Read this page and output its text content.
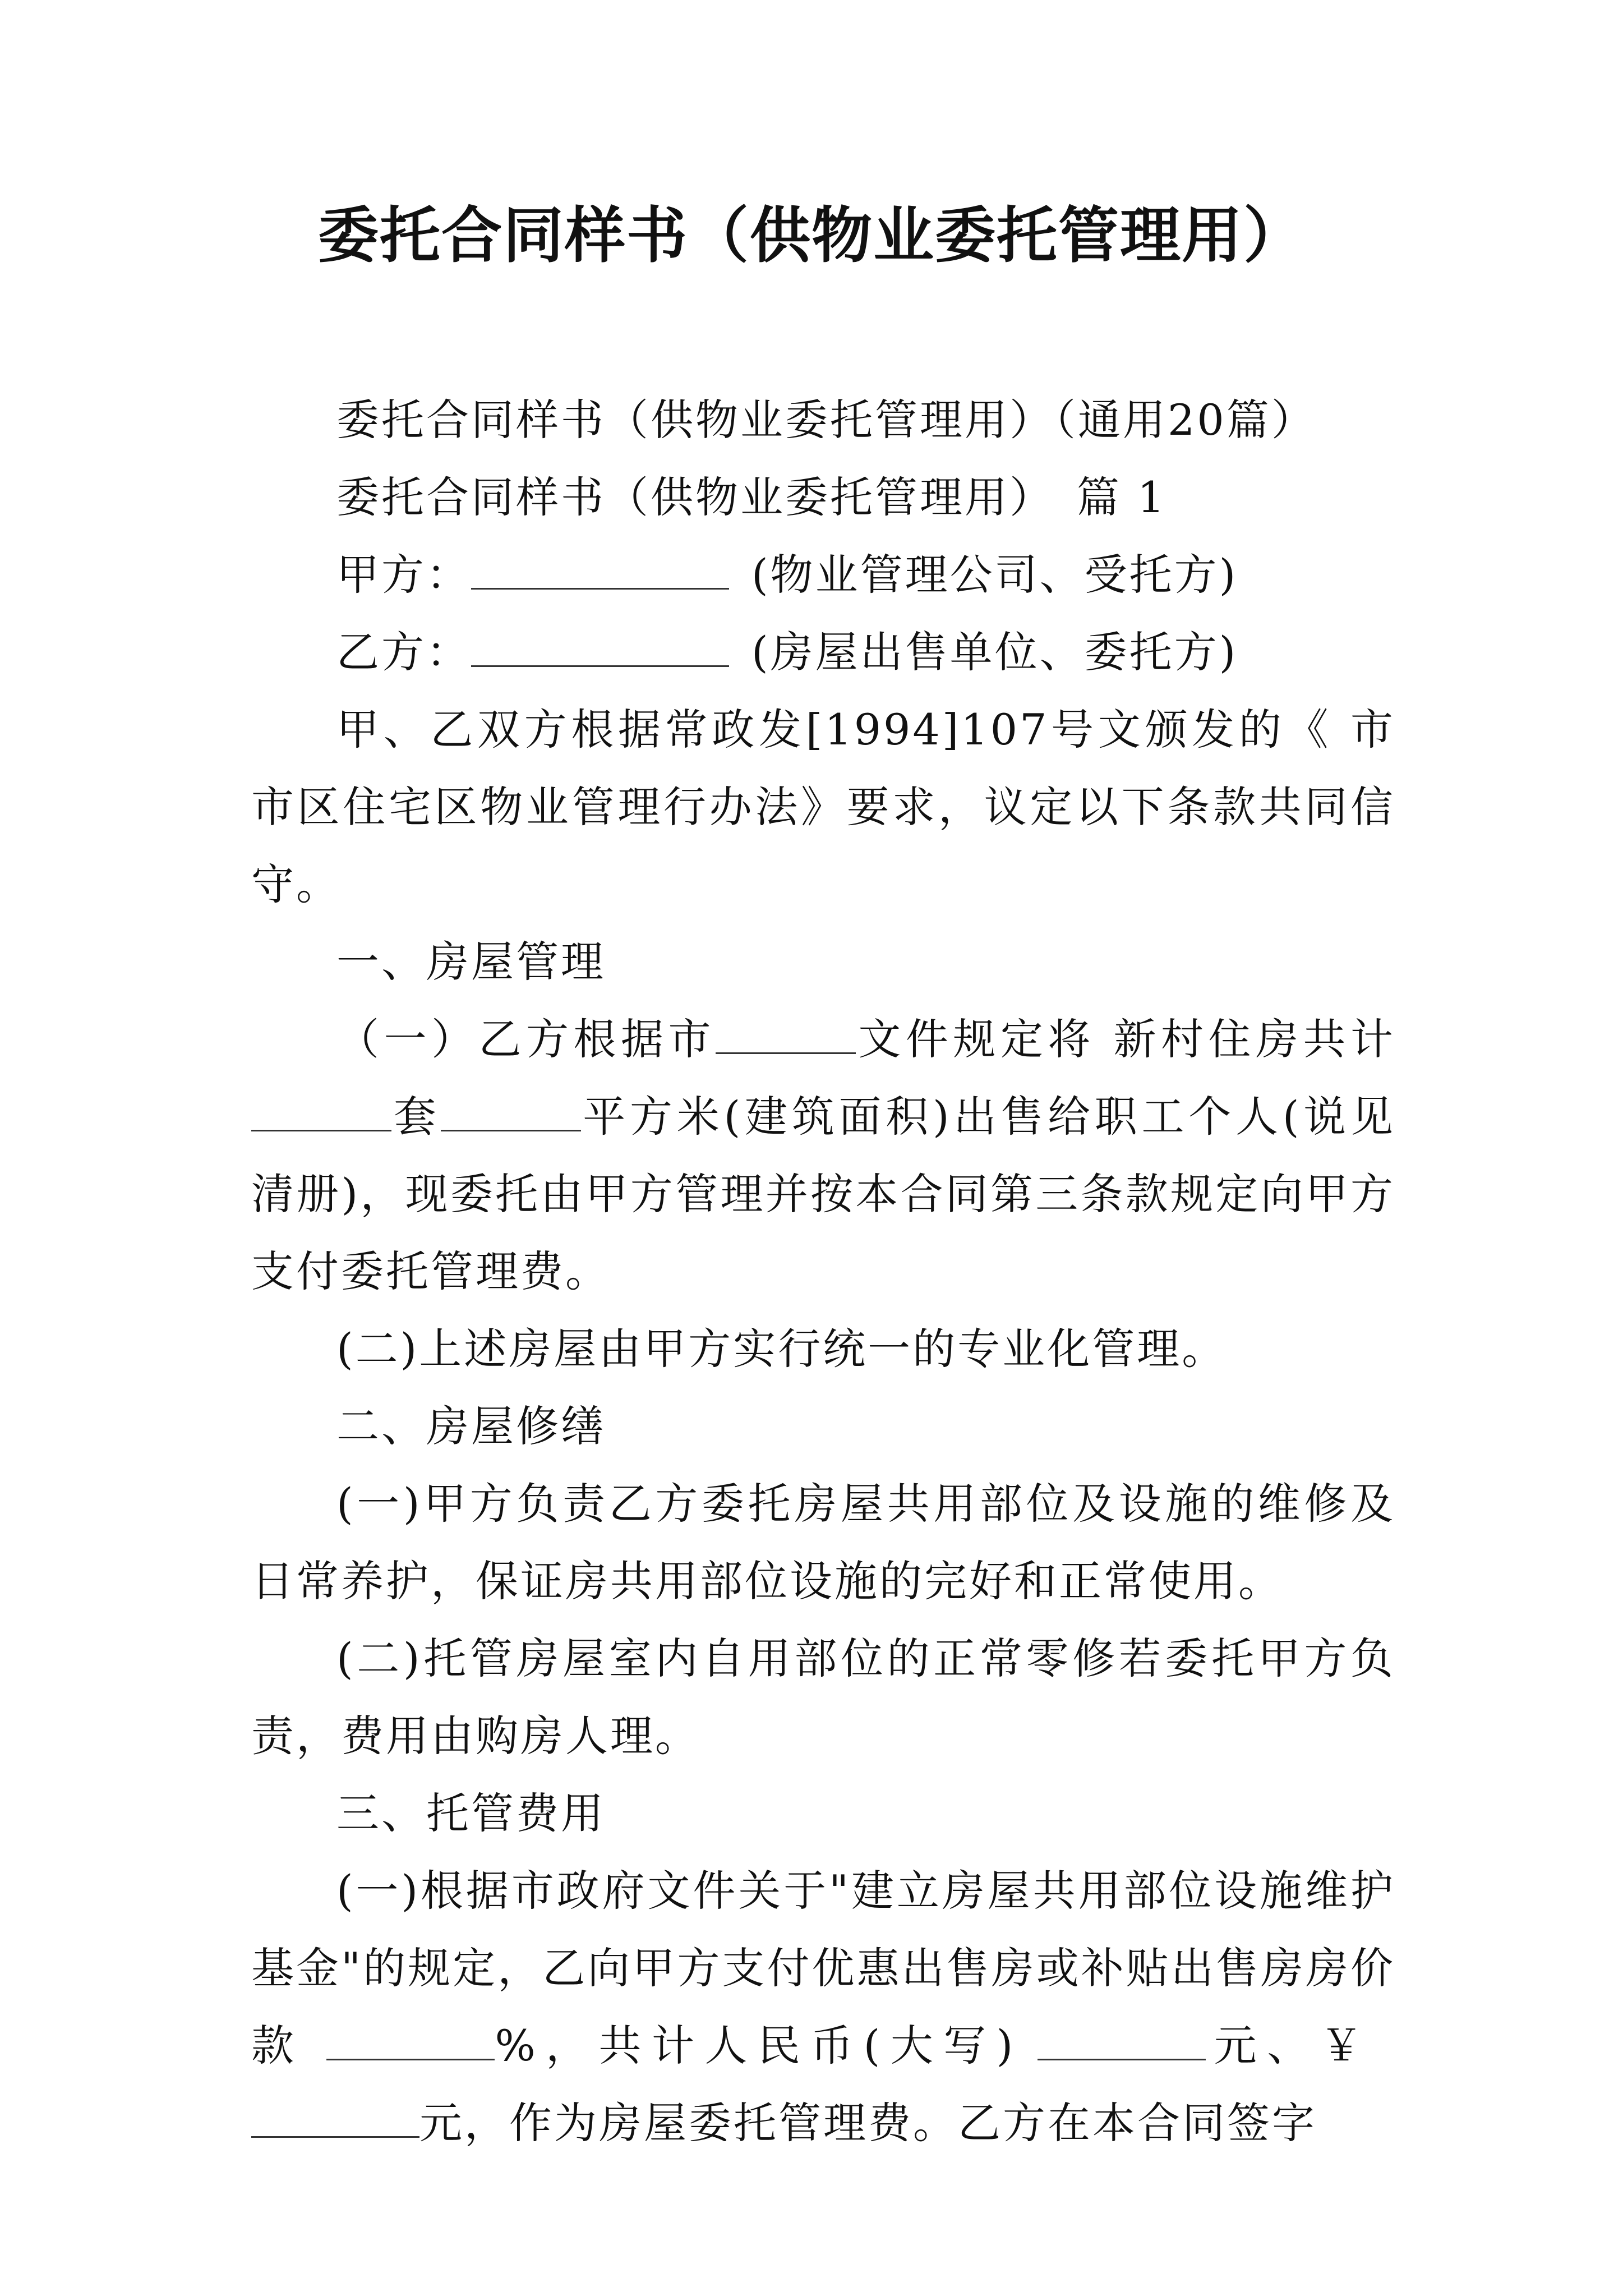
委托合同样书（供物业委托管理用）

委托合同样书（供物业委托管理用）（通用20篇）

委托合同样书（供物业委托管理用） 篇 1

甲方：	(物业管理公司、受托方)

乙方：	(房屋出售单位、委托方)

甲、乙双方根据常政发[1994]107号文颁发的《 市市区住宅区物业管理行办法》要求，议定以下条款共同信守。

一、房屋管理

（一）乙方根据市	文件规定将 新村住房共计套	平方米(建筑面积)出售给职工个人(说见清册)，现委托由甲方管理并按本合同第三条款规定向甲方支付委托管理费。

(二)上述房屋由甲方实行统一的专业化管理。

二、房屋修缮

(一)甲方负责乙方委托房屋共用部位及设施的维修及日常养护，保证房共用部位设施的完好和正常使用。

(二)托管房屋室内自用部位的正常零修若委托甲方负责，费用由购房人理。

三、托管费用

(一)根据市政府文件关于"建立房屋共用部位设施维护基金"的规定，乙向甲方支付优惠出售房或补贴出售房房价款	%，共计人民币(大写)	元、￥元，作为房屋委托管理费。乙方在本合同签字
